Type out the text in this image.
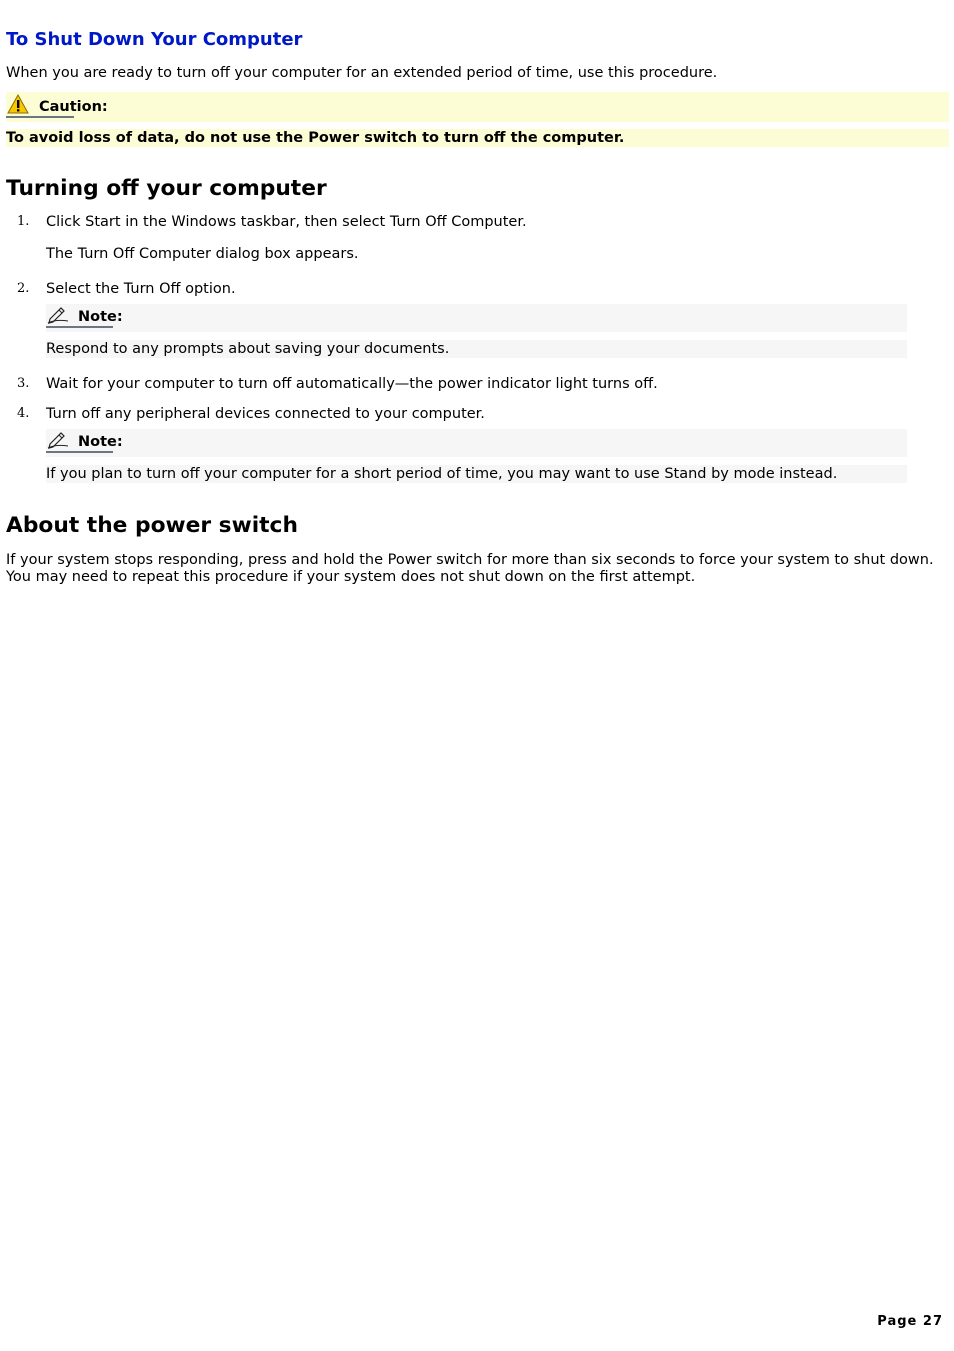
To Shut Down Your Computer

When you are ready to turn off your computer for an extended period of time, use this procedure.

Caution:
To avoid loss of data, do not use the Power switch to turn off the computer.
Turning off your computer
1. Click Start in the Windows taskbar, then select Turn Off Computer.
The Turn Off Computer dialog box appears.
2. Select the Turn Off option.
Note:
Respond to any prompts about saving your documents.
3. Wait for your computer to turn off automatically—the power indicator light turns off.
4. Turn off any peripheral devices connected to your computer.
Note:
If you plan to turn off your computer for a short period of time, you may want to use Stand by mode instead.
About the power switch

If your system stops responding, press and hold the Power switch for more than six seconds to force your system to shut down. You may need to repeat this procedure if your system does not shut down on the first attempt.

Page 27
